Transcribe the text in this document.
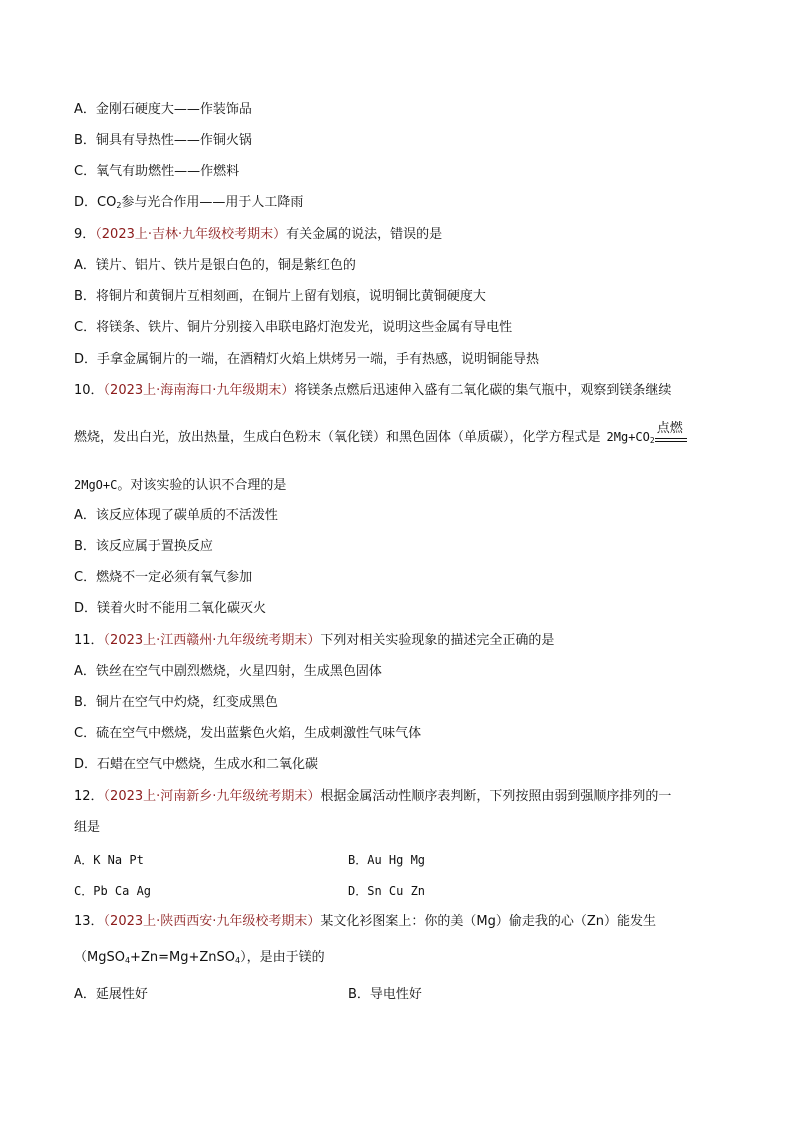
A．金刚石硬度大——作装饰品
B．铜具有导热性——作铜火锅
C．氧气有助燃性——作燃料
D．$CO_2$参与光合作用——用于人工降雨
9．（2023上·吉林·九年级校考期末）有关金属的说法，错误的是
A．镁片、铝片、铁片是银白色的，铜是紫红色的
B．将铜片和黄铜片互相刻画，在铜片上留有划痕，说明铜比黄铜硬度大
C．将镁条、铁片、铜片分别接入串联电路灯泡发光，说明这些金属有导电性
D．手拿金属铜片的一端，在酒精灯火焰上烘烤另一端，手有热感，说明铜能导热
10．（2023上·海南海口·九年级期末）将镁条点燃后迅速伸入盛有二氧化碳的集气瓶中，观察到镁条继续
燃烧，发出白光，放出热量，生成白色粉末（氧化镁）和黑色固体（单质碳），化学方程式是 $2Mg+CO_2$
点燃
2MgO+C。对该实验的认识不合理的是
A．该反应体现了碳单质的不活泼性
B．该反应属于置换反应
C．燃烧不一定必须有氧气参加
D．镁着火时不能用二氧化碳灭火
11．（2023上·江西赣州·九年级统考期末）下列对相关实验现象的描述完全正确的是
A．铁丝在空气中剧烈燃烧，火星四射，生成黑色固体
B．铜片在空气中灼烧，红变成黑色
C．硫在空气中燃烧，发出蓝紫色火焰，生成刺激性气味气体
D．石蜡在空气中燃烧，生成水和二氧化碳
12．（2023上·河南新乡·九年级统考期末）根据金属活动性顺序表判断，下列按照由弱到强顺序排列的一
组是
A．K Na Pt	B．Au Hg Mg
C．Pb Ca Ag	D．Sn Cu Zn
13．（2023上·陕西西安·九年级校考期末）某文化衫图案上：你的美（Mg）偷走我的心（Zn）能发生
（MgSO$_4$+Zn=Mg+ZnSO$_4$），是由于镁的
A．延展性好	B．导电性好
